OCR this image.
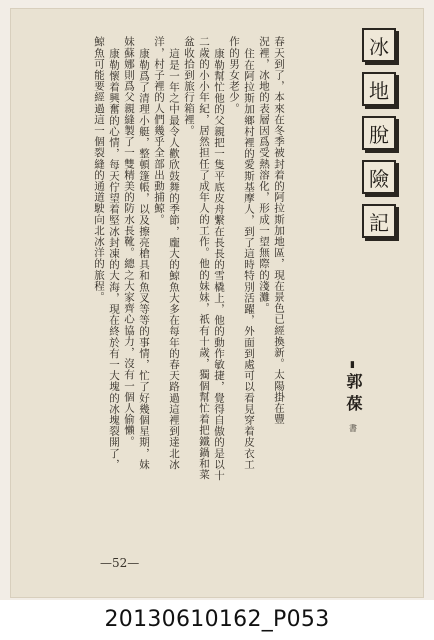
冰
地
脫
險
記
▮
郭葆
書
春天到了，本來在冬季被封着的阿拉斯加地區，現在景色已經換新。太陽掛在豐
況裡，冰地的表層因爲受熱溶化，形成一望無際的淺灘。
住在阿拉斯加鄉村裡的愛斯基摩人，到了這時特別活躍，外面到處可以看見穿着皮衣工
作的男女老少。
康勒幫忙他的父親把一隻平底皮舟繫在長長的雪橇上，他的動作敏捷，覺得自傲的是以十
二歲的小小年紀，居然担任了成年人的工作。他的妹妹，祇有十歲，獨個幫忙着把鐵鍋和菜
盆收拾到旅行箱裡。
這是一年之中最令人歡欣鼓舞的季節，龐大的鯨魚大多在每年的春天路過這裡到達北冰
洋，村子裡的人們幾乎全部出動捕鯨。
康勒爲了清理小艇，整頓篷帳，以及擦亮槍具和魚叉等等的事情，忙了好幾個星期，妹
妹蘇娜則爲父親縫製了一雙精美的防水長靴。總之大家齊心協力，沒有一個人偷懶。
康勒懷着興奮的心情，每天佇望着堅冰封凍的大海，現在終於有一大塊的冰塊裂開了，
鯨魚可能要經過這一個裂縫的通道駛向北冰洋的旅程。
—52—
20130610162_P053
